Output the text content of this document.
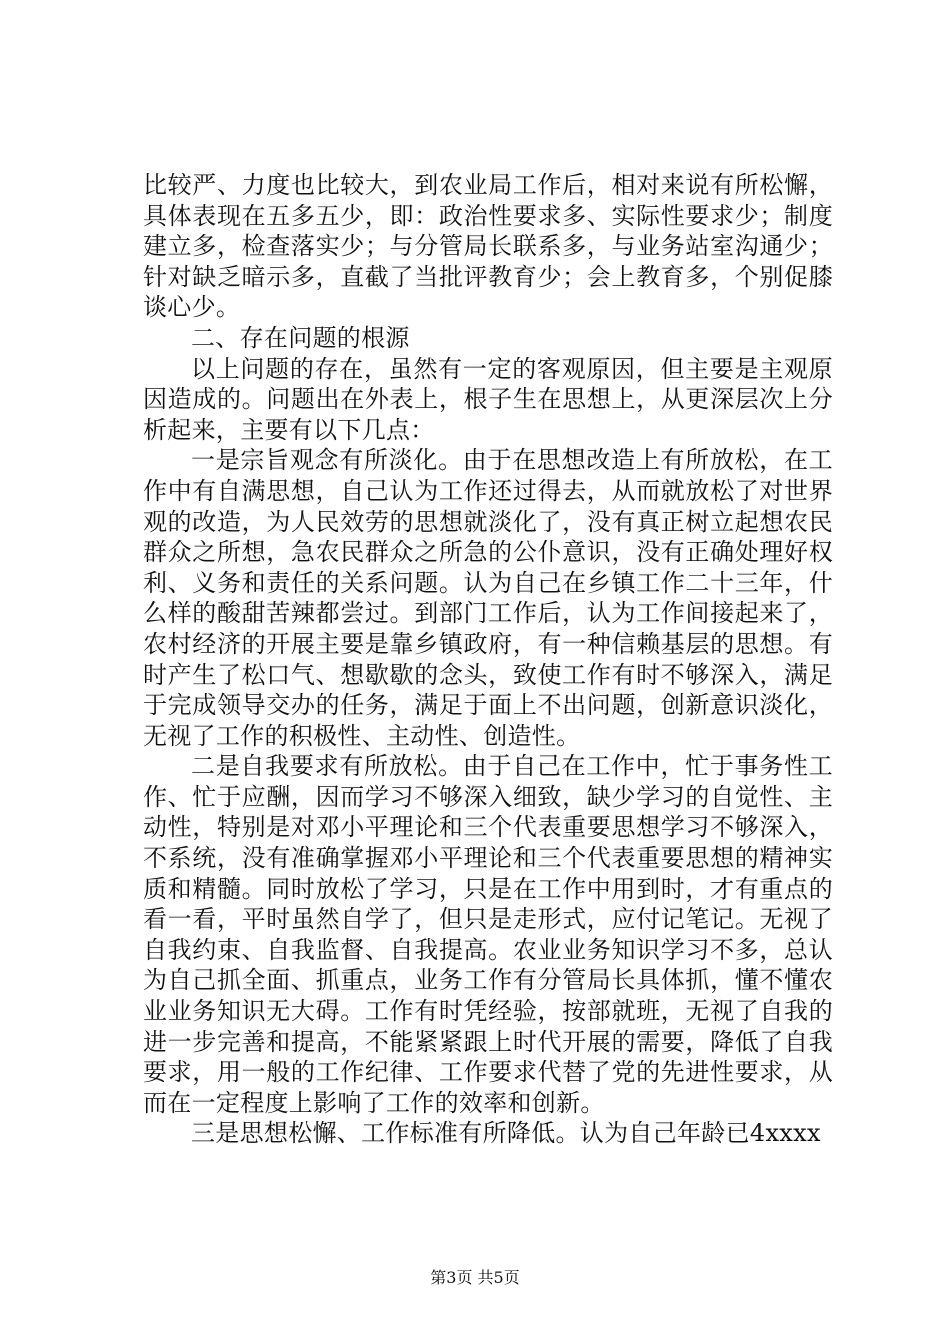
比较严、力度也比较大，到农业局工作后，相对来说有所松懈，具体表现在五多五少，即：政治性要求多、实际性要求少；制度建立多，检查落实少；与分管局长联系多，与业务站室沟通少；针对缺乏暗示多，直截了当批评教育少；会上教育多，个别促膝谈心少。

二、存在问题的根源

以上问题的存在，虽然有一定的客观原因，但主要是主观原因造成的。问题出在外表上，根子生在思想上，从更深层次上分析起来，主要有以下几点：

一是宗旨观念有所淡化。由于在思想改造上有所放松，在工作中有自满思想，自己认为工作还过得去，从而就放松了对世界观的改造，为人民效劳的思想就淡化了，没有真正树立起想农民群众之所想，急农民群众之所急的公仆意识，没有正确处理好权利、义务和责任的关系问题。认为自己在乡镇工作二十三年，什么样的酸甜苦辣都尝过。到部门工作后，认为工作间接起来了，农村经济的开展主要是靠乡镇政府，有一种信赖基层的思想。有时产生了松口气、想歇歇的念头，致使工作有时不够深入，满足于完成领导交办的任务，满足于面上不出问题，创新意识淡化，无视了工作的积极性、主动性、创造性。

二是自我要求有所放松。由于自己在工作中，忙于事务性工作、忙于应酬，因而学习不够深入细致，缺少学习的自觉性、主动性，特别是对邓小平理论和三个代表重要思想学习不够深入，不系统，没有准确掌握邓小平理论和三个代表重要思想的精神实质和精髓。同时放松了学习，只是在工作中用到时，才有重点的看一看，平时虽然自学了，但只是走形式，应付记笔记。无视了自我约束、自我监督、自我提高。农业业务知识学习不多，总认为自己抓全面、抓重点，业务工作有分管局长具体抓，懂不懂农业业务知识无大碍。工作有时凭经验，按部就班，无视了自我的进一步完善和提高，不能紧紧跟上时代开展的需要，降低了自我要求，用一般的工作纪律、工作要求代替了党的先进性要求，从而在一定程度上影响了工作的效率和创新。

三是思想松懈、工作标准有所降低。认为自己年龄已4xxxx

第3页 共5页
